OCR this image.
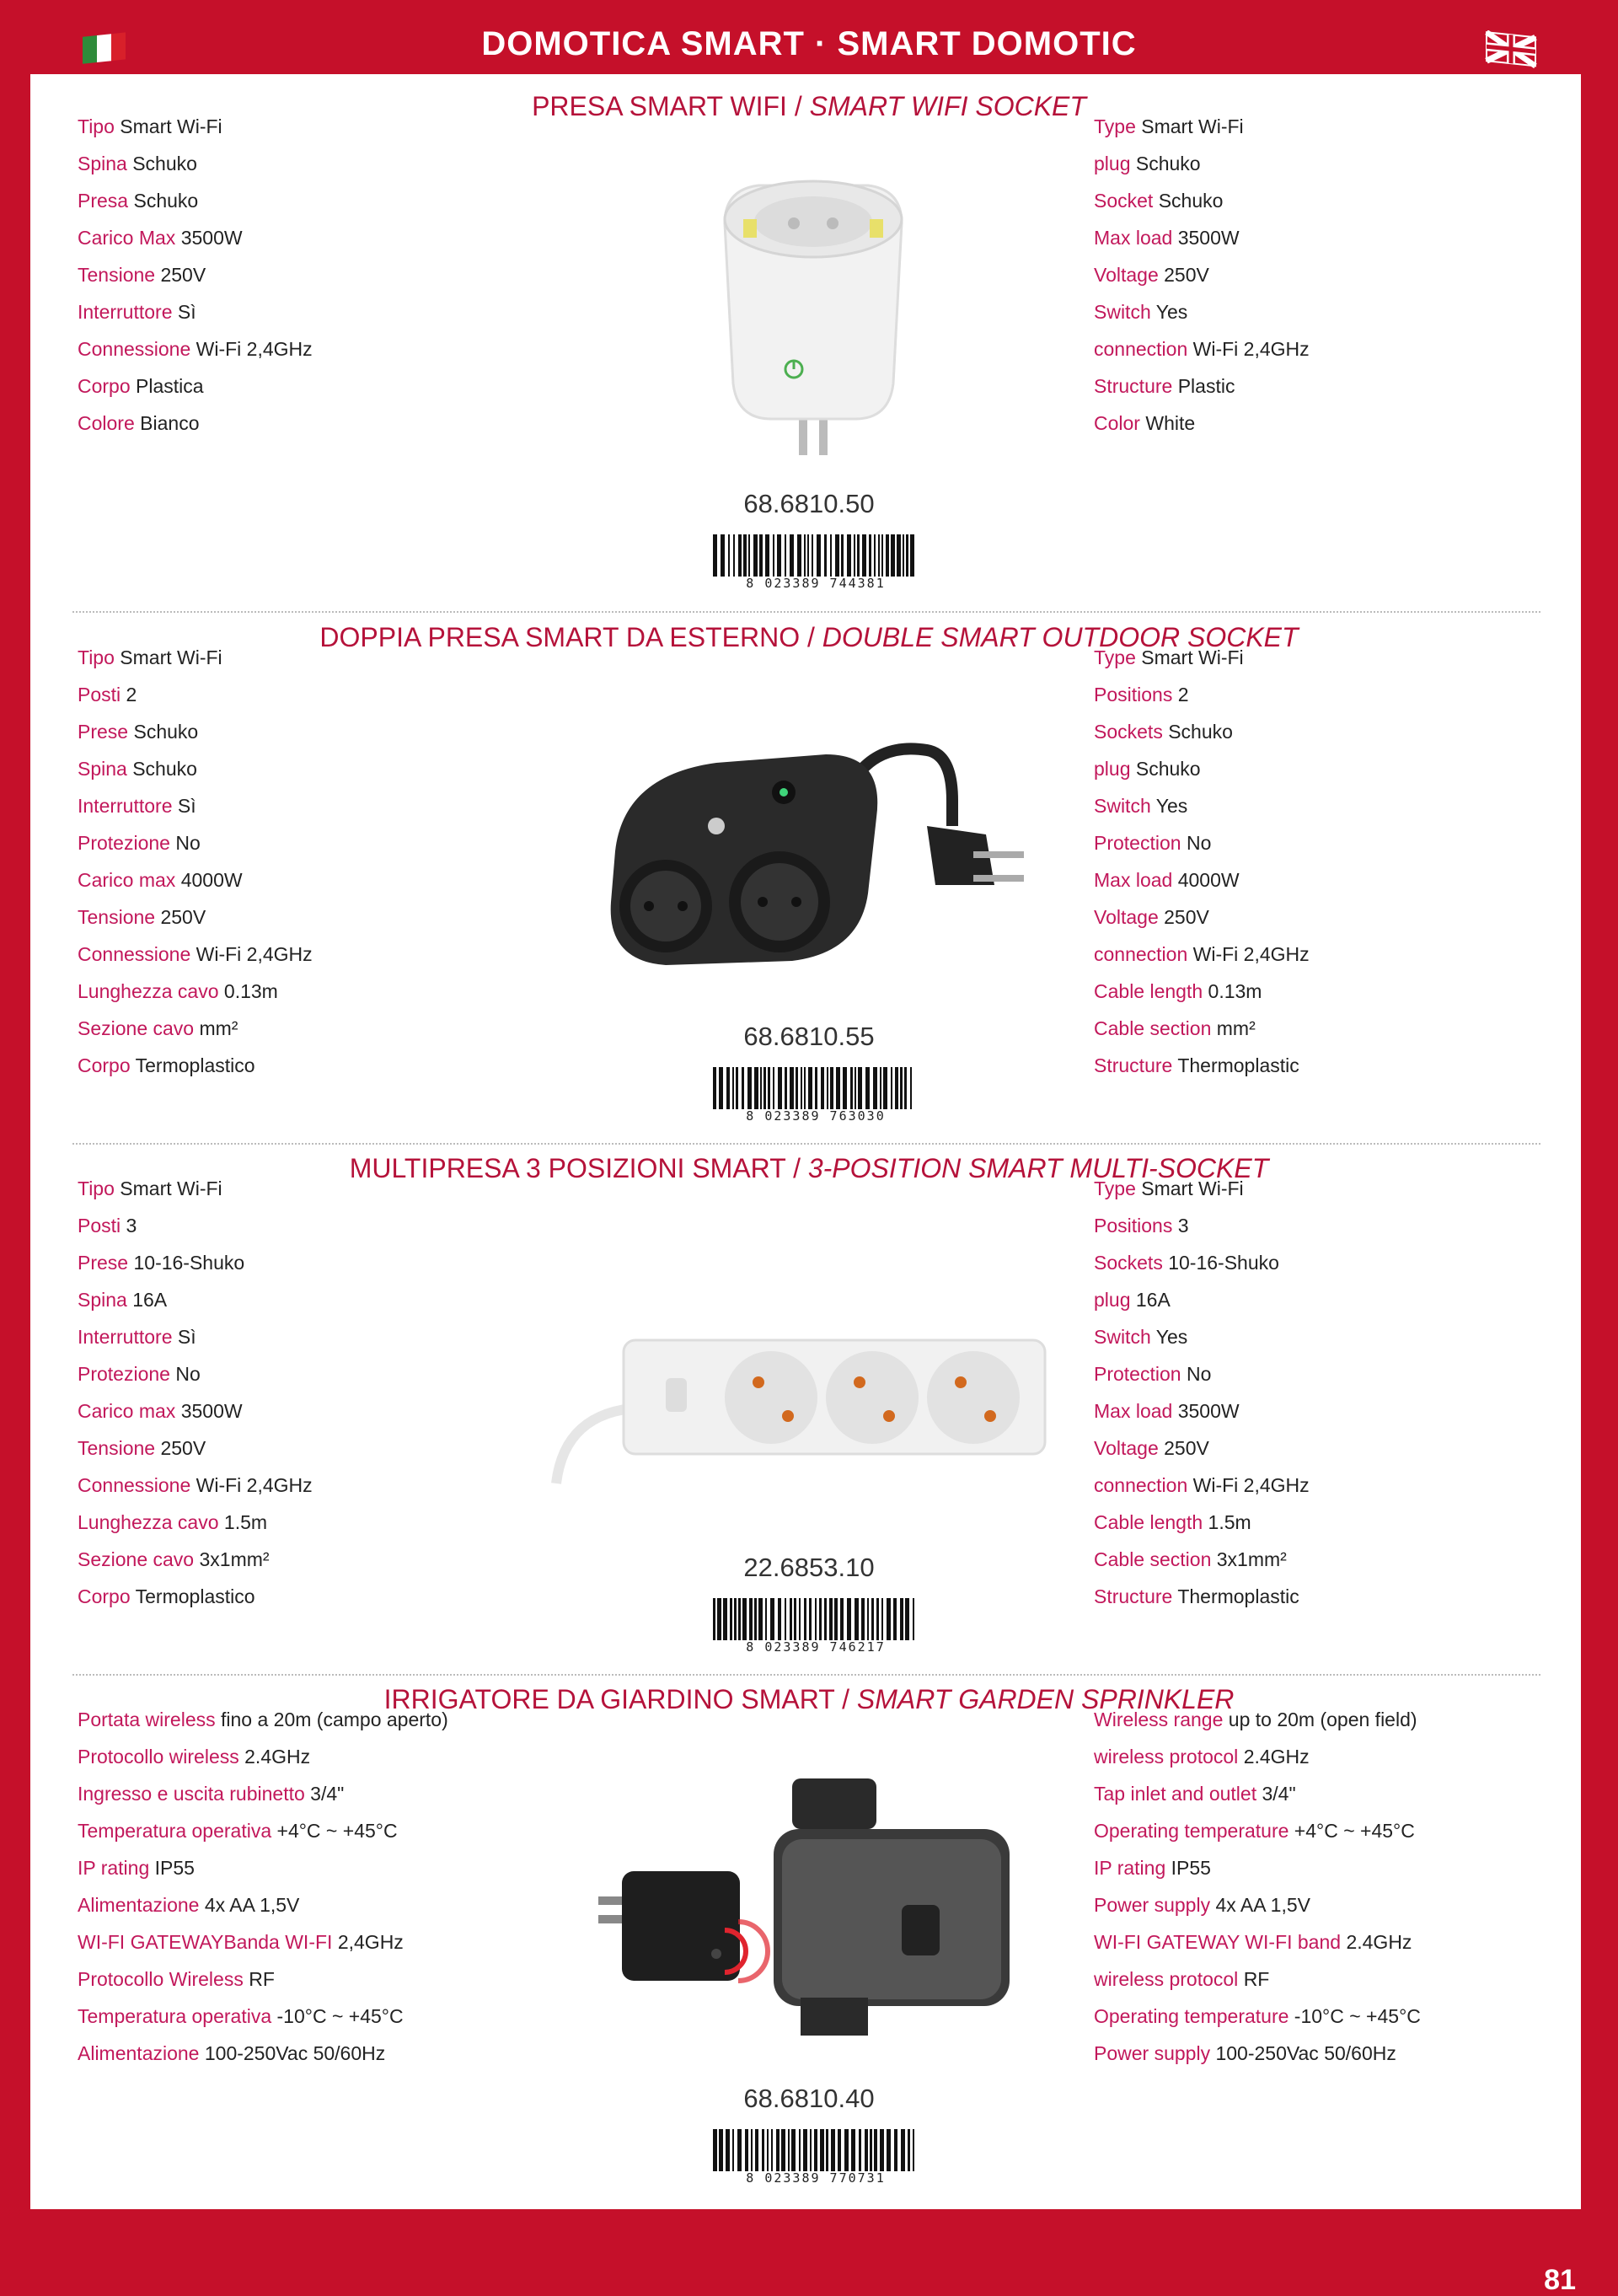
DOMOTICA SMART · SMART DOMOTIC
PRESA SMART WIFI / SMART WIFI SOCKET
Tipo Smart Wi-Fi
Spina Schuko
Presa Schuko
Carico Max 3500W
Tensione 250V
Interruttore Sì
Connessione Wi-Fi 2,4GHz
Corpo Plastica
Colore Bianco
Type Smart Wi-Fi
plug Schuko
Socket Schuko
Max load 3500W
Voltage 250V
Switch Yes
connection Wi-Fi 2,4GHz
Structure Plastic
Color White
68.6810.50
8 023389 744381
DOPPIA PRESA SMART DA ESTERNO / DOUBLE SMART OUTDOOR SOCKET
Tipo Smart Wi-Fi
Posti 2
Prese Schuko
Spina Schuko
Interruttore Sì
Protezione No
Carico max 4000W
Tensione 250V
Connessione Wi-Fi 2,4GHz
Lunghezza cavo 0.13m
Sezione cavo mm²
Corpo Termoplastico
Type Smart Wi-Fi
Positions 2
Sockets Schuko
plug Schuko
Switch Yes
Protection No
Max load 4000W
Voltage 250V
connection Wi-Fi 2,4GHz
Cable length 0.13m
Cable section mm²
Structure Thermoplastic
68.6810.55
8 023389 763030
MULTIPRESA 3 POSIZIONI SMART / 3-POSITION SMART MULTI-SOCKET
Tipo Smart Wi-Fi
Posti 3
Prese 10-16-Shuko
Spina 16A
Interruttore Sì
Protezione No
Carico max 3500W
Tensione 250V
Connessione Wi-Fi 2,4GHz
Lunghezza cavo 1.5m
Sezione cavo 3x1mm²
Corpo Termoplastico
Type Smart Wi-Fi
Positions 3
Sockets 10-16-Shuko
plug 16A
Switch Yes
Protection No
Max load 3500W
Voltage 250V
connection Wi-Fi 2,4GHz
Cable length 1.5m
Cable section 3x1mm²
Structure Thermoplastic
22.6853.10
8 023389 746217
IRRIGATORE DA GIARDINO SMART / SMART GARDEN SPRINKLER
Portata wireless fino a 20m (campo aperto)
Protocollo wireless 2.4GHz
Ingresso e uscita rubinetto 3/4"
Temperatura operativa +4°C ~ +45°C
IP rating IP55
Alimentazione 4x AA 1,5V
WI-FI GATEWAYBanda WI-FI 2,4GHz
Protocollo Wireless RF
Temperatura operativa -10°C ~ +45°C
Alimentazione 100-250Vac 50/60Hz
Wireless range up to 20m (open field)
wireless protocol 2.4GHz
Tap inlet and outlet 3/4"
Operating temperature +4°C ~ +45°C
IP rating IP55
Power supply 4x AA 1,5V
WI-FI GATEWAY WI-FI band 2.4GHz
wireless protocol RF
Operating temperature -10°C ~ +45°C
Power supply 100-250Vac 50/60Hz
68.6810.40
8 023389 770731
81
